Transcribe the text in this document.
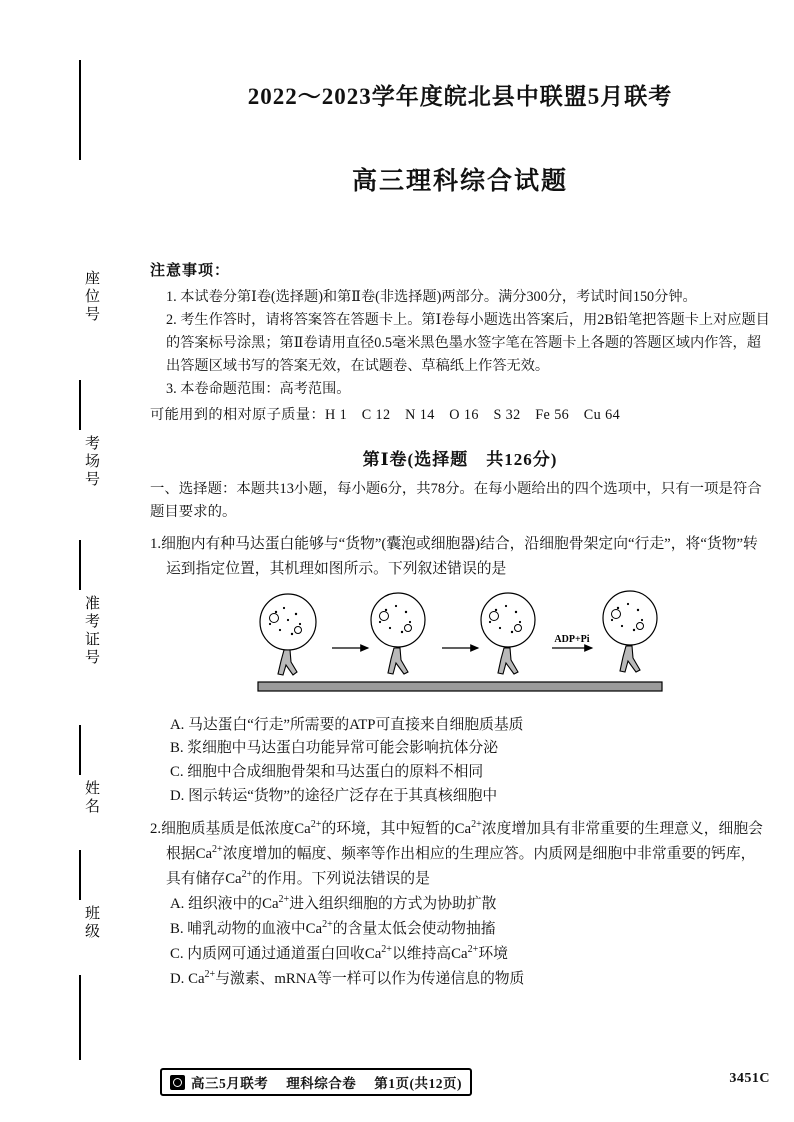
座位号
考场号
准考证号
姓名
班级
2022～2023学年度皖北县中联盟5月联考
高三理科综合试题
注意事项：
1. 本试卷分第Ⅰ卷(选择题)和第Ⅱ卷(非选择题)两部分。满分300分，考试时间150分钟。
2. 考生作答时，请将答案答在答题卡上。第Ⅰ卷每小题选出答案后，用2B铅笔把答题卡上对应题目的答案标号涂黑；第Ⅱ卷请用直径0.5毫米黑色墨水签字笔在答题卡上各题的答题区域内作答，超出答题区域书写的答案无效，在试题卷、草稿纸上作答无效。
3. 本卷命题范围：高考范围。
可能用到的相对原子质量：H 1　C 12　N 14　O 16　S 32　Fe 56　Cu 64
第Ⅰ卷(选择题　共126分)
一、选择题：本题共13小题，每小题6分，共78分。在每小题给出的四个选项中，只有一项是符合题目要求的。
1.细胞内有种马达蛋白能够与“货物”(囊泡或细胞器)结合，沿细胞骨架定向“行走”，将“货物”转运到指定位置，其机理如图所示。下列叙述错误的是
ADP+Pi
A. 马达蛋白“行走”所需要的ATP可直接来自细胞质基质
B. 浆细胞中马达蛋白功能异常可能会影响抗体分泌
C. 细胞中合成细胞骨架和马达蛋白的原料不相同
D. 图示转运“货物”的途径广泛存在于其真核细胞中
2.细胞质基质是低浓度$Ca^{2+}$的环境，其中短暂的$Ca^{2+}$浓度增加具有非常重要的生理意义，细胞会根据$Ca^{2+}$浓度增加的幅度、频率等作出相应的生理应答。内质网是细胞中非常重要的钙库，具有储存$Ca^{2+}$的作用。下列说法错误的是
A. 组织液中的$Ca^{2+}$进入组织细胞的方式为协助扩散
B. 哺乳动物的血液中$Ca^{2+}$的含量太低会使动物抽搐
C. 内质网可通过通道蛋白回收$Ca^{2+}$以维持高$Ca^{2+}$环境
D. $Ca^{2+}$与激素、mRNA等一样可以作为传递信息的物质
高三5月联考 理科综合卷 第1页(共12页)	3451C
